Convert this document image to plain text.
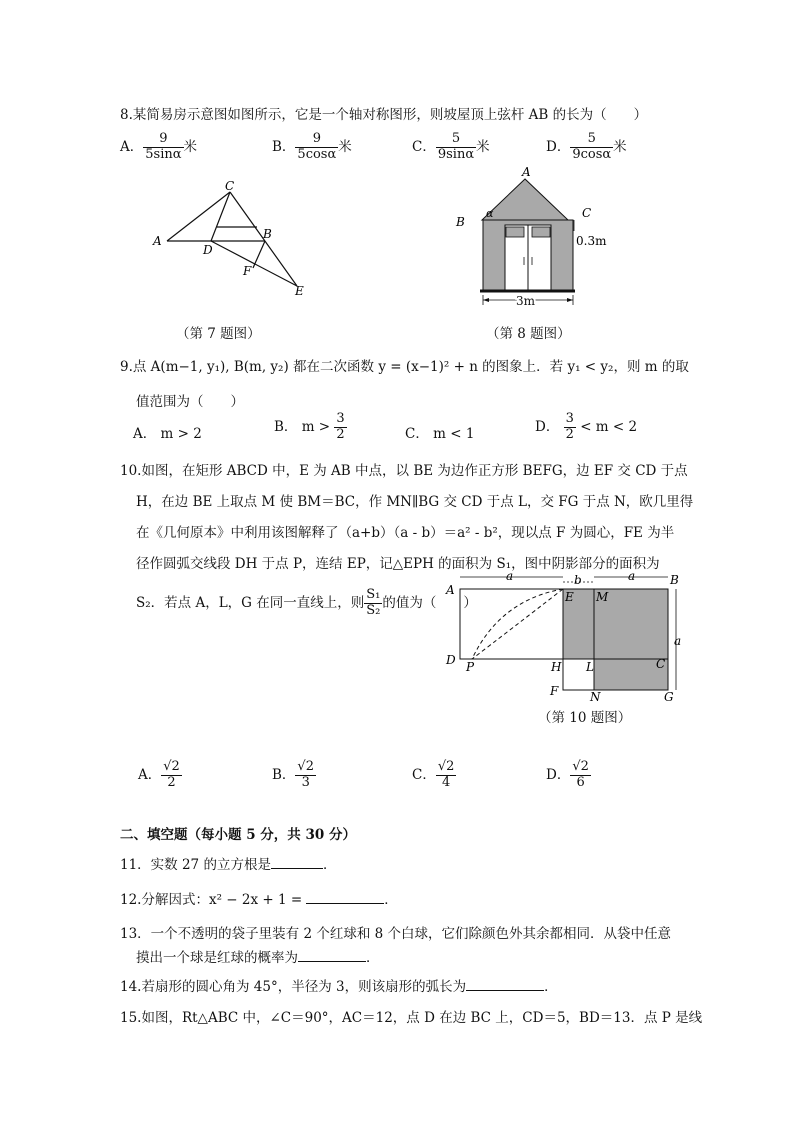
8.某简易房示意图如图所示，它是一个轴对称图形，则坡屋顶上弦杆 AB 的长为（　　）
A． $\frac{9}{5\sin\alpha}$ 米	B． $\frac{9}{5\cos\alpha}$ 米	C． $\frac{5}{9\sin\alpha}$ 米	D． $\frac{5}{9\cos\alpha}$ 米
C
A
D
B
F
E
（第 7 题图）
A
B
α	C
0.3m
3m
（第 8 题图）
9.点 A(m−1, y₁), B(m, y₂) 都在二次函数 y = (x−1)² + n 的图象上．若 y₁ < y₂，则 m 的取
值范围为（　　）
A． m > 2	B． $m > \frac{3}{2}$	C． m < 1	D． $\frac{3}{2} < m < 2$
10.如图，在矩形 ABCD 中，E 为 AB 中点，以 BE 为边作正方形 BEFG，边 EF 交 CD 于点
H，在边 BE 上取点 M 使 BM＝BC，作 MN∥BG 交 CD 于点 L，交 FG 于点 N，欧几里得
在《几何原本》中利用该图解释了（a+b）（a - b）＝a² - b²，现以点 F 为圆心，FE 为半
径作圆弧交线段 DH 于点 P，连结 EP，记△EPH 的面积为 S₁，图中阴影部分的面积为
S₂．若点 A，L，G 在同一直线上，则 $\frac{\text{S₁}}{\text{S₂}}$ 的值为（　　）
a	b	a
a
A
B
E M
D P	H L	C
F	N	G
（第 10 题图）
A． $\frac{√2}{2}$	B． $\frac{√2}{3}$	C． $\frac{√2}{4}$	D． $\frac{√2}{6}$
二、填空题（每小题 5 分，共 30 分）
11．实数 27 的立方根是	．
12.分解因式：x² − 2x + 1 =	．
13．一个不透明的袋子里装有 2 个红球和 8 个白球，它们除颜色外其余都相同．从袋中任意
摸出一个球是红球的概率为	．
14.若扇形的圆心角为 45°，半径为 3，则该扇形的弧长为	．
15.如图，Rt△ABC 中，∠C＝90°，AC＝12，点 D 在边 BC 上，CD＝5，BD＝13．点 P 是线
